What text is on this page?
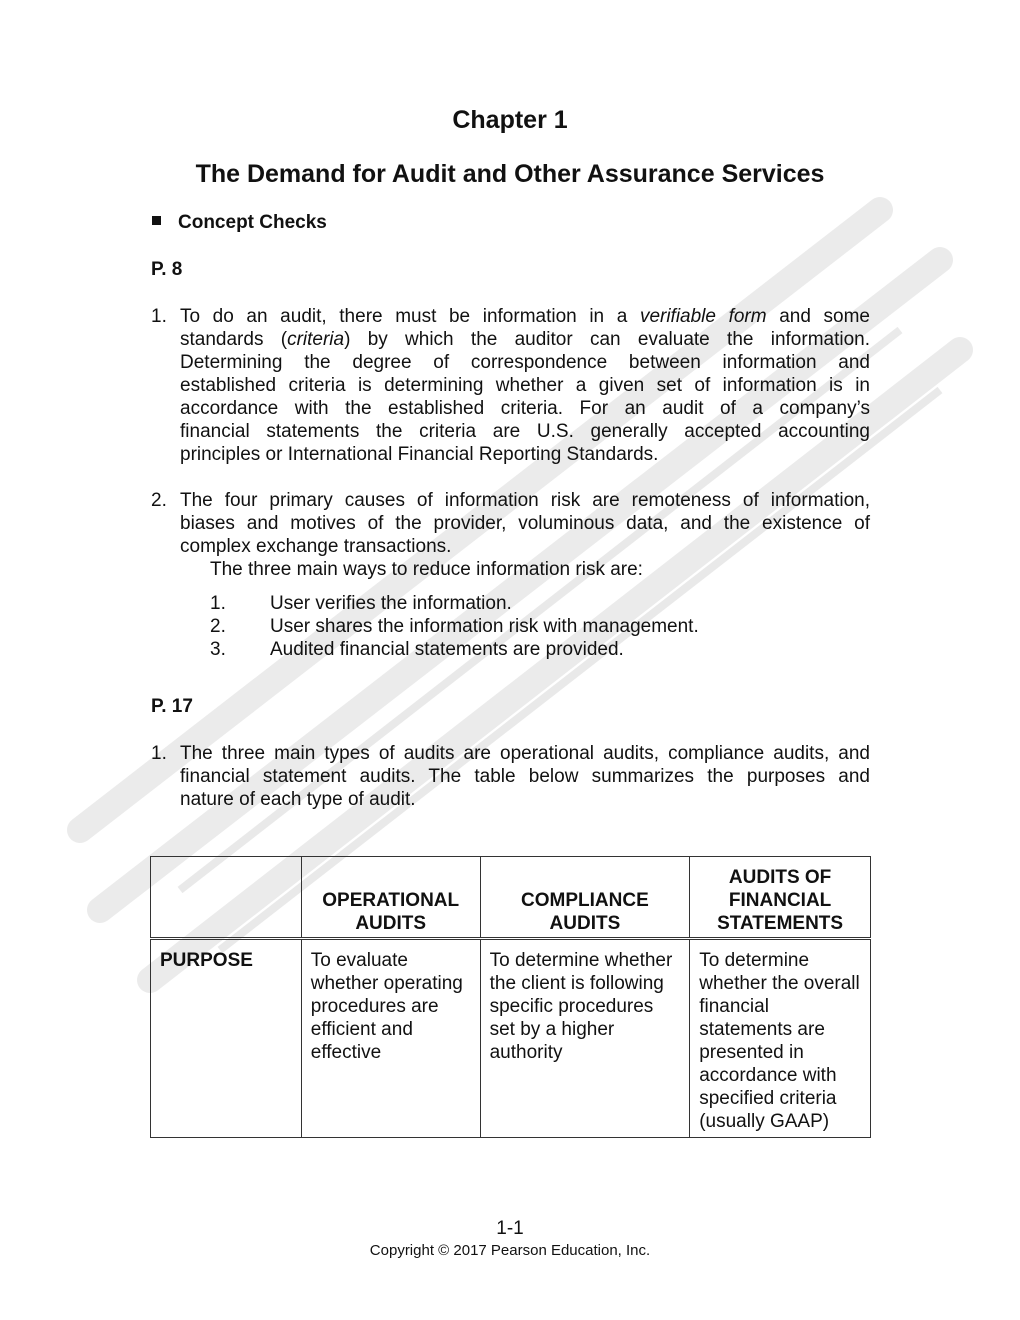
Chapter 1
The Demand for Audit and Other Assurance Services
Concept Checks
P. 8
1. To do an audit, there must be information in a verifiable form and some
standards (criteria) by which the auditor can evaluate the information.
Determining the degree of correspondence between information and
established criteria is determining whether a given set of information is in
accordance with the established criteria. For an audit of a company’s
financial statements the criteria are U.S. generally accepted accounting
principles or International Financial Reporting Standards.
2. The four primary causes of information risk are remoteness of information,
biases and motives of the provider, voluminous data, and the existence of
complex exchange transactions.
The three main ways to reduce information risk are:
1. User verifies the information.
2. User shares the information risk with management.
3. Audited financial statements are provided.
P. 17
1. The three main types of audits are operational audits, compliance audits, and
financial statement audits. The table below summarizes the purposes and
nature of each type of audit.
	OPERATIONAL AUDITS	COMPLIANCE AUDITS	AUDITS OF FINANCIAL STATEMENTS
PURPOSE	To evaluate whether operating procedures are efficient and effective	To determine whether the client is following specific procedures set by a higher authority	To determine whether the overall financial statements are presented in accordance with specified criteria (usually GAAP)
1-1
Copyright © 2017 Pearson Education, Inc.
